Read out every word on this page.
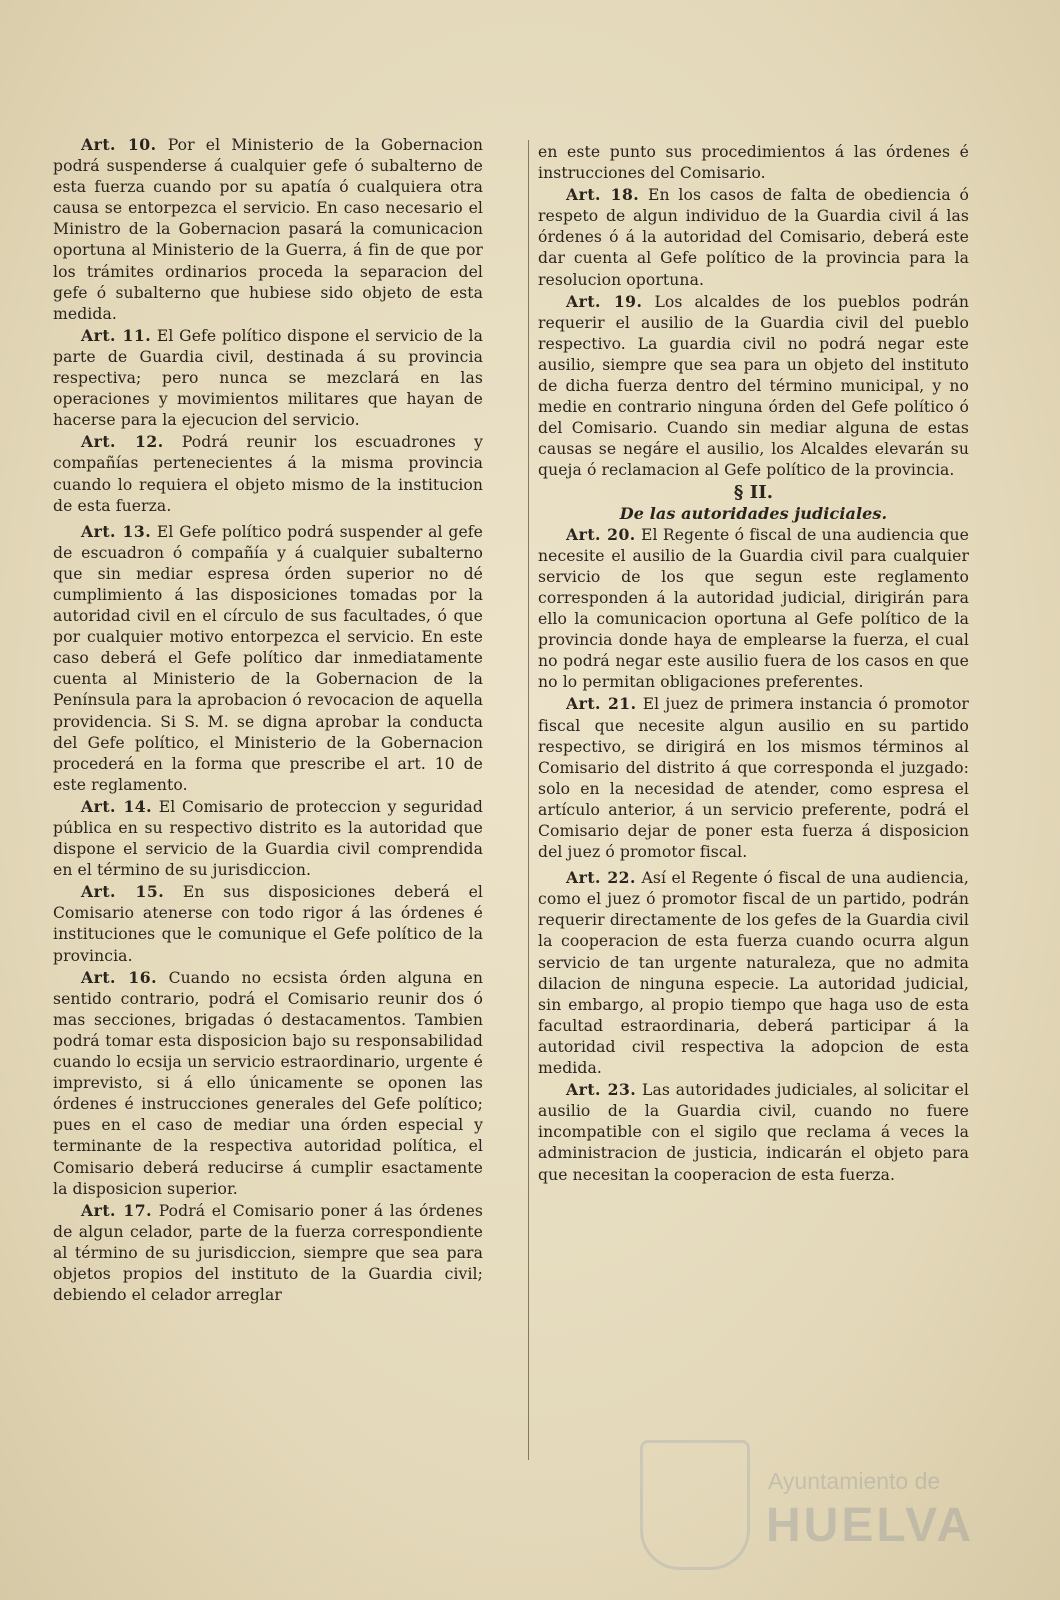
Art. 10. Por el Ministerio de la Gobernacion podrá suspenderse á cualquier gefe ó subalterno de esta fuerza cuando por su apatía ó cualquiera otra causa se entorpezca el servicio. En caso necesario el Ministro de la Gobernacion pasará la comunicacion oportuna al Ministerio de la Guerra, á fin de que por los trámites ordinarios proceda la separacion del gefe ó subalterno que hubiese sido objeto de esta medida.

Art. 11. El Gefe político dispone el servicio de la parte de Guardia civil, destinada á su provincia respectiva; pero nunca se mezclará en las operaciones y movimientos militares que hayan de hacerse para la ejecucion del servicio.

Art. 12. Podrá reunir los escuadrones y compañías pertenecientes á la misma provincia cuando lo requiera el objeto mismo de la institucion de esta fuerza.

Art. 13. El Gefe político podrá suspender al gefe de escuadron ó compañía y á cualquier subalterno que sin mediar espresa órden superior no dé cumplimiento á las disposiciones tomadas por la autoridad civil en el círculo de sus facultades, ó que por cualquier motivo entorpezca el servicio. En este caso deberá el Gefe político dar inmediatamente cuenta al Ministerio de la Gobernacion de la Península para la aprobacion ó revocacion de aquella providencia. Si S. M. se digna aprobar la conducta del Gefe político, el Ministerio de la Gobernacion procederá en la forma que prescribe el art. 10 de este reglamento.

Art. 14. El Comisario de proteccion y seguridad pública en su respectivo distrito es la autoridad que dispone el servicio de la Guardia civil comprendida en el término de su jurisdiccion.

Art. 15. En sus disposiciones deberá el Comisario atenerse con todo rigor á las órdenes é instituciones que le comunique el Gefe político de la provincia.

Art. 16. Cuando no ecsista órden alguna en sentido contrario, podrá el Comisario reunir dos ó mas secciones, brigadas ó destacamentos. Tambien podrá tomar esta disposicion bajo su responsabilidad cuando lo ecsija un servicio estraordinario, urgente é imprevisto, si á ello únicamente se oponen las órdenes é instrucciones generales del Gefe político; pues en el caso de mediar una órden especial y terminante de la respectiva autoridad política, el Comisario deberá reducirse á cumplir esactamente la disposicion superior.

Art. 17. Podrá el Comisario poner á las órdenes de algun celador, parte de la fuerza correspondiente al término de su jurisdiccion, siempre que sea para objetos propios del instituto de la Guardia civil; debiendo el celador arreglar

en este punto sus procedimientos á las órdenes é instrucciones del Comisario.

Art. 18. En los casos de falta de obediencia ó respeto de algun individuo de la Guardia civil á las órdenes ó á la autoridad del Comisario, deberá este dar cuenta al Gefe político de la provincia para la resolucion oportuna.

Art. 19. Los alcaldes de los pueblos podrán requerir el ausilio de la Guardia civil del pueblo respectivo. La guardia civil no podrá negar este ausilio, siempre que sea para un objeto del instituto de dicha fuerza dentro del término municipal, y no medie en contrario ninguna órden del Gefe político ó del Comisario. Cuando sin mediar alguna de estas causas se negáre el ausilio, los Alcaldes elevarán su queja ó reclamacion al Gefe político de la provincia.

§ II.

De las autoridades judiciales.

Art. 20. El Regente ó fiscal de una audiencia que necesite el ausilio de la Guardia civil para cualquier servicio de los que segun este reglamento corresponden á la autoridad judicial, dirigirán para ello la comunicacion oportuna al Gefe político de la provincia donde haya de emplearse la fuerza, el cual no podrá negar este ausilio fuera de los casos en que no lo permitan obligaciones preferentes.

Art. 21. El juez de primera instancia ó promotor fiscal que necesite algun ausilio en su partido respectivo, se dirigirá en los mismos términos al Comisario del distrito á que corresponda el juzgado: solo en la necesidad de atender, como espresa el artículo anterior, á un servicio preferente, podrá el Comisario dejar de poner esta fuerza á disposicion del juez ó promotor fiscal.

Art. 22. Así el Regente ó fiscal de una audiencia, como el juez ó promotor fiscal de un partido, podrán requerir directamente de los gefes de la Guardia civil la cooperacion de esta fuerza cuando ocurra algun servicio de tan urgente naturaleza, que no admita dilacion de ninguna especie. La autoridad judicial, sin embargo, al propio tiempo que haga uso de esta facultad estraordinaria, deberá participar á la autoridad civil respectiva la adopcion de esta medida.

Art. 23. Las autoridades judiciales, al solicitar el ausilio de la Guardia civil, cuando no fuere incompatible con el sigilo que reclama á veces la administracion de justicia, indicarán el objeto para que necesitan la cooperacion de esta fuerza.

Ayuntamiento de
HUELVA
